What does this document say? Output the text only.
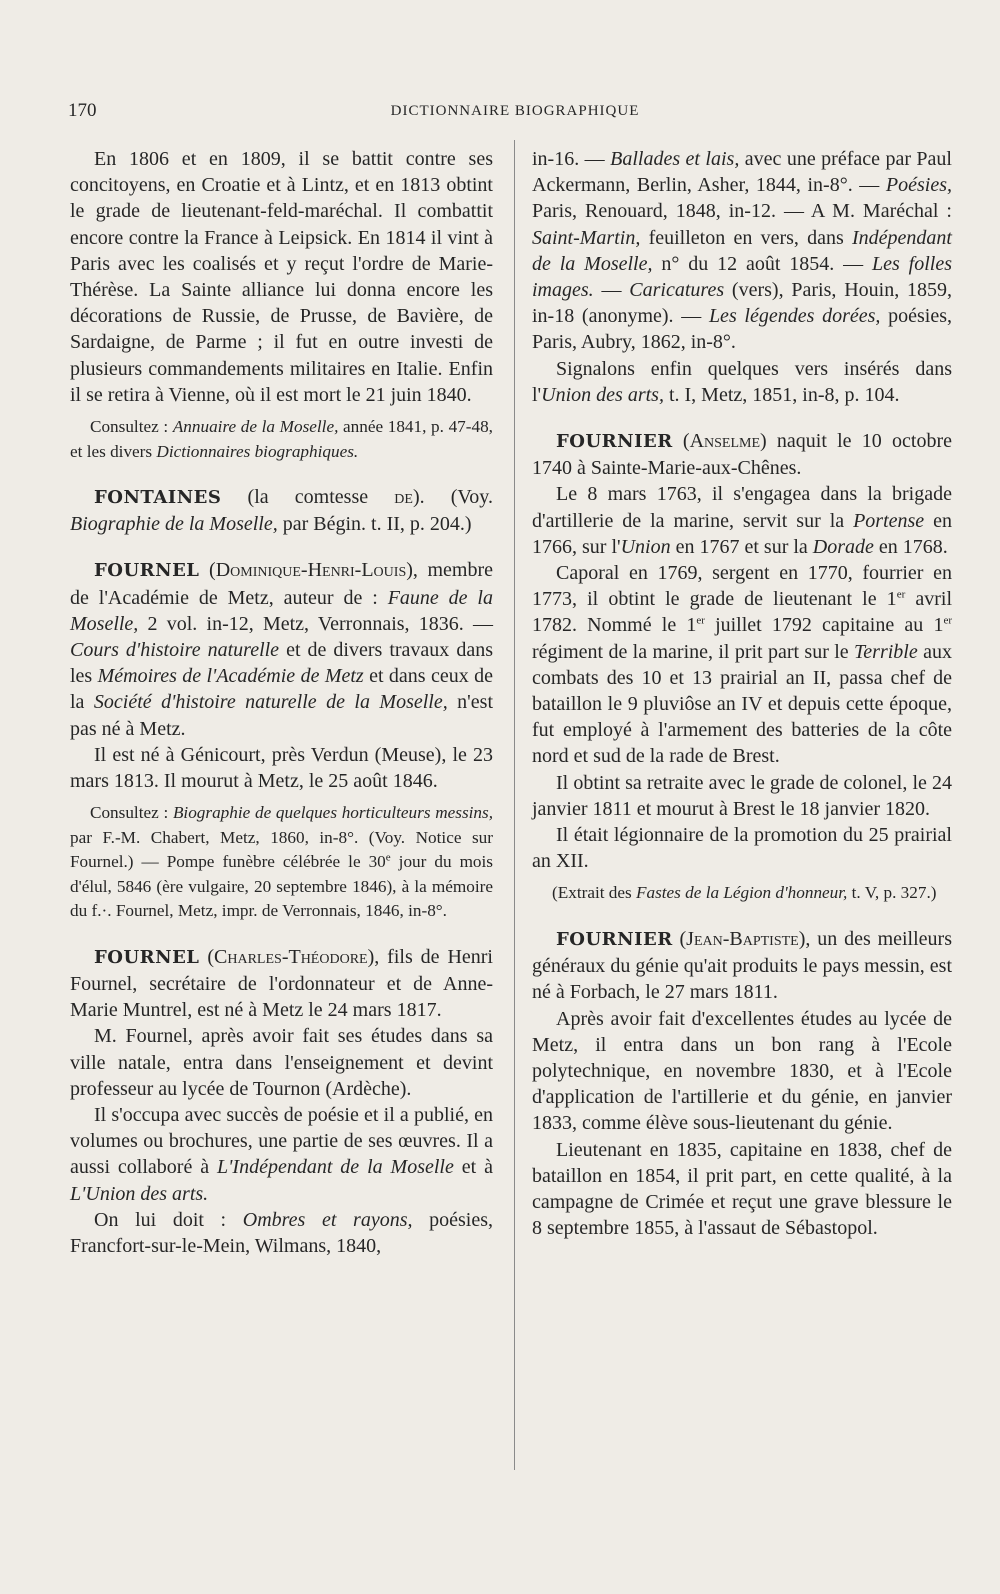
170	DICTIONNAIRE BIOGRAPHIQUE

En 1806 et en 1809, il se battit contre ses concitoyens, en Croatie et à Lintz, et en 1813 obtint le grade de lieutenant-feld-maréchal. Il combattit encore contre la France à Leipsick. En 1814 il vint à Paris avec les coalisés et y reçut l'ordre de Marie-Thérèse. La Sainte alliance lui donna encore les décorations de Russie, de Prusse, de Bavière, de Sardaigne, de Parme ; il fut en outre investi de plusieurs commandements militaires en Italie. Enfin il se retira à Vienne, où il est mort le 21 juin 1840.

Consultez : Annuaire de la Moselle, année 1841, p. 47-48, et les divers Dictionnaires biographiques.

FONTAINES (la comtesse de). (Voy. Biographie de la Moselle, par Bégin. t. II, p. 204.)

FOURNEL (Dominique-Henri-Louis), membre de l'Académie de Metz, auteur de : Faune de la Moselle, 2 vol. in-12, Metz, Verronnais, 1836. — Cours d'histoire naturelle et de divers travaux dans les Mémoires de l'Académie de Metz et dans ceux de la Société d'histoire naturelle de la Moselle, n'est pas né à Metz.

Il est né à Génicourt, près Verdun (Meuse), le 23 mars 1813. Il mourut à Metz, le 25 août 1846.

Consultez : Biographie de quelques horticulteurs messins, par F.-M. Chabert, Metz, 1860, in-8°. (Voy. Notice sur Fournel.) — Pompe funèbre célébrée le 30e jour du mois d'élul, 5846 (ère vulgaire, 20 septembre 1846), à la mémoire du f.·. Fournel, Metz, impr. de Verronnais, 1846, in-8°.

FOURNEL (Charles-Théodore), fils de Henri Fournel, secrétaire de l'ordonnateur et de Anne-Marie Muntrel, est né à Metz le 24 mars 1817.

M. Fournel, après avoir fait ses études dans sa ville natale, entra dans l'enseignement et devint professeur au lycée de Tournon (Ardèche).

Il s'occupa avec succès de poésie et il a publié, en volumes ou brochures, une partie de ses œuvres. Il a aussi collaboré à L'Indépendant de la Moselle et à L'Union des arts.

On lui doit : Ombres et rayons, poésies, Francfort-sur-le-Mein, Wilmans, 1840,

in-16. — Ballades et lais, avec une préface par Paul Ackermann, Berlin, Asher, 1844, in-8°. — Poésies, Paris, Renouard, 1848, in-12. — A M. Maréchal : Saint-Martin, feuilleton en vers, dans Indépendant de la Moselle, n° du 12 août 1854. — Les folles images. — Caricatures (vers), Paris, Houin, 1859, in-18 (anonyme). — Les légendes dorées, poésies, Paris, Aubry, 1862, in-8°.

Signalons enfin quelques vers insérés dans l'Union des arts, t. I, Metz, 1851, in-8, p. 104.

FOURNIER (Anselme) naquit le 10 octobre 1740 à Sainte-Marie-aux-Chênes.

Le 8 mars 1763, il s'engagea dans la brigade d'artillerie de la marine, servit sur la Portense en 1766, sur l'Union en 1767 et sur la Dorade en 1768.

Caporal en 1769, sergent en 1770, fourrier en 1773, il obtint le grade de lieutenant le 1er avril 1782. Nommé le 1er juillet 1792 capitaine au 1er régiment de la marine, il prit part sur le Terrible aux combats des 10 et 13 prairial an II, passa chef de bataillon le 9 pluviôse an IV et depuis cette époque, fut employé à l'armement des batteries de la côte nord et sud de la rade de Brest.

Il obtint sa retraite avec le grade de colonel, le 24 janvier 1811 et mourut à Brest le 18 janvier 1820.

Il était légionnaire de la promotion du 25 prairial an XII.

(Extrait des Fastes de la Légion d'honneur, t. V, p. 327.)

FOURNIER (Jean-Baptiste), un des meilleurs généraux du génie qu'ait produits le pays messin, est né à Forbach, le 27 mars 1811.

Après avoir fait d'excellentes études au lycée de Metz, il entra dans un bon rang à l'Ecole polytechnique, en novembre 1830, et à l'Ecole d'application de l'artillerie et du génie, en janvier 1833, comme élève sous-lieutenant du génie.

Lieutenant en 1835, capitaine en 1838, chef de bataillon en 1854, il prit part, en cette qualité, à la campagne de Crimée et reçut une grave blessure le 8 septembre 1855, à l'assaut de Sébastopol.
